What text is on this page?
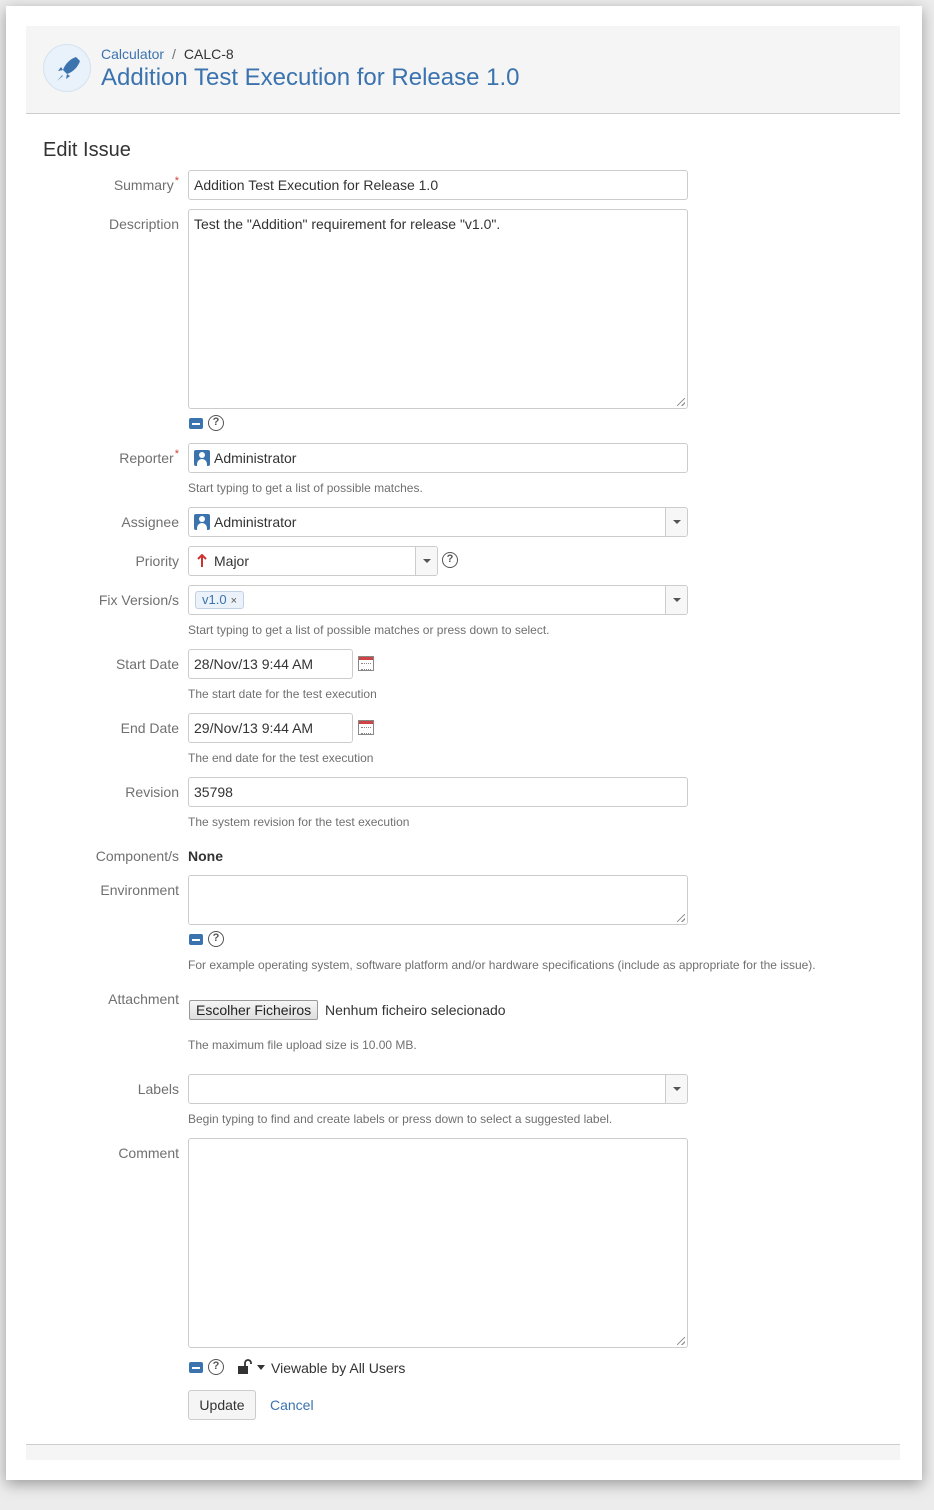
Calculator / CALC-8
Addition Test Execution for Release 1.0
Edit Issue
Summary* Addition Test Execution for Release 1.0
Description Test the "Addition" requirement for release "v1.0".
?
Reporter*	Administrator
Start typing to get a list of possible matches.
Assignee	Administrator
Priority	Major	?
Fix Version/s	v1.0 ×
Start typing to get a list of possible matches or press down to select.
Start Date 28/Nov/13 9:44 AM
The start date for the test execution
End Date 29/Nov/13 9:44 AM
The end date for the test execution
Revision 35798
The system revision for the test execution
Component/s None
Environment
?
For example operating system, software platform and/or hardware specifications (include as appropriate for the issue).
Attachment
Escolher Ficheiros Nenhum ficheiro selecionado
The maximum file upload size is 10.00 MB.
Labels
Begin typing to find and create labels or press down to select a suggested label.
Comment
?	Viewable by All Users
Update	Cancel
